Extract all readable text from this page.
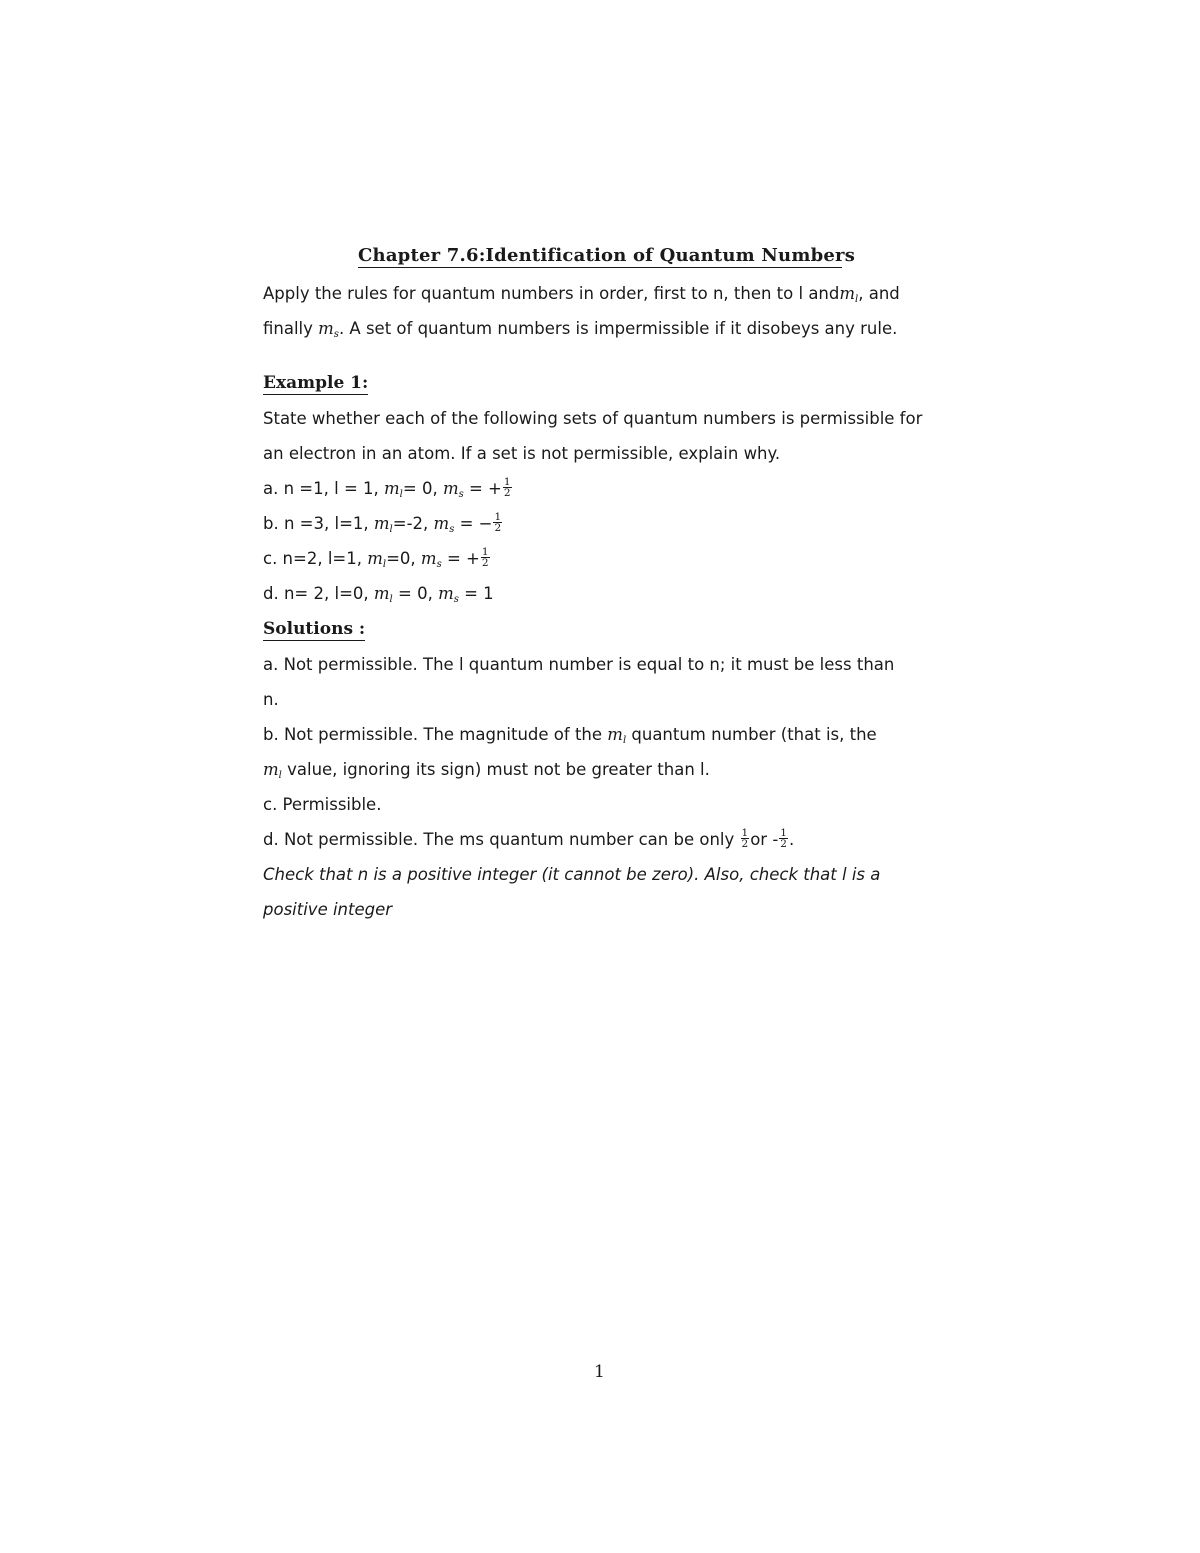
Chapter 7.6:Identification of Quantum Numbers
Apply the rules for quantum numbers in order, first to n, then to l andm$_l$, and
finally $m_s$. A set of quantum numbers is impermissible if it disobeys any rule.
Example 1:
State whether each of the following sets of quantum numbers is permissible for
an electron in an atom. If a set is not permissible, explain why.
a. n =1, l = 1, $m_l= 0$, $m_s$ = + $\frac{1}{2}$
b. n =3, l=1, $m_l=-2$, $m_s$ = − $\frac{1}{2}$
c. n=2, l=1, $m_l=0$, $m_s$ = + $\frac{1}{2}$
d. n= 2, l=0, $m_l = 0$, $m_s = 1$
Solutions :
a. Not permissible. The l quantum number is equal to n; it must be less than
n.
b. Not permissible. The magnitude of the $m_l$ quantum number (that is, the
$m_l$ value, ignoring its sign) must not be greater than l.
c. Permissible.
d. Not permissible. The ms quantum number can be only $\frac{1}{2}$ or - $\frac{1}{2}$ .
Check that n is a positive integer (it cannot be zero). Also, check that l is a
positive integer
1
